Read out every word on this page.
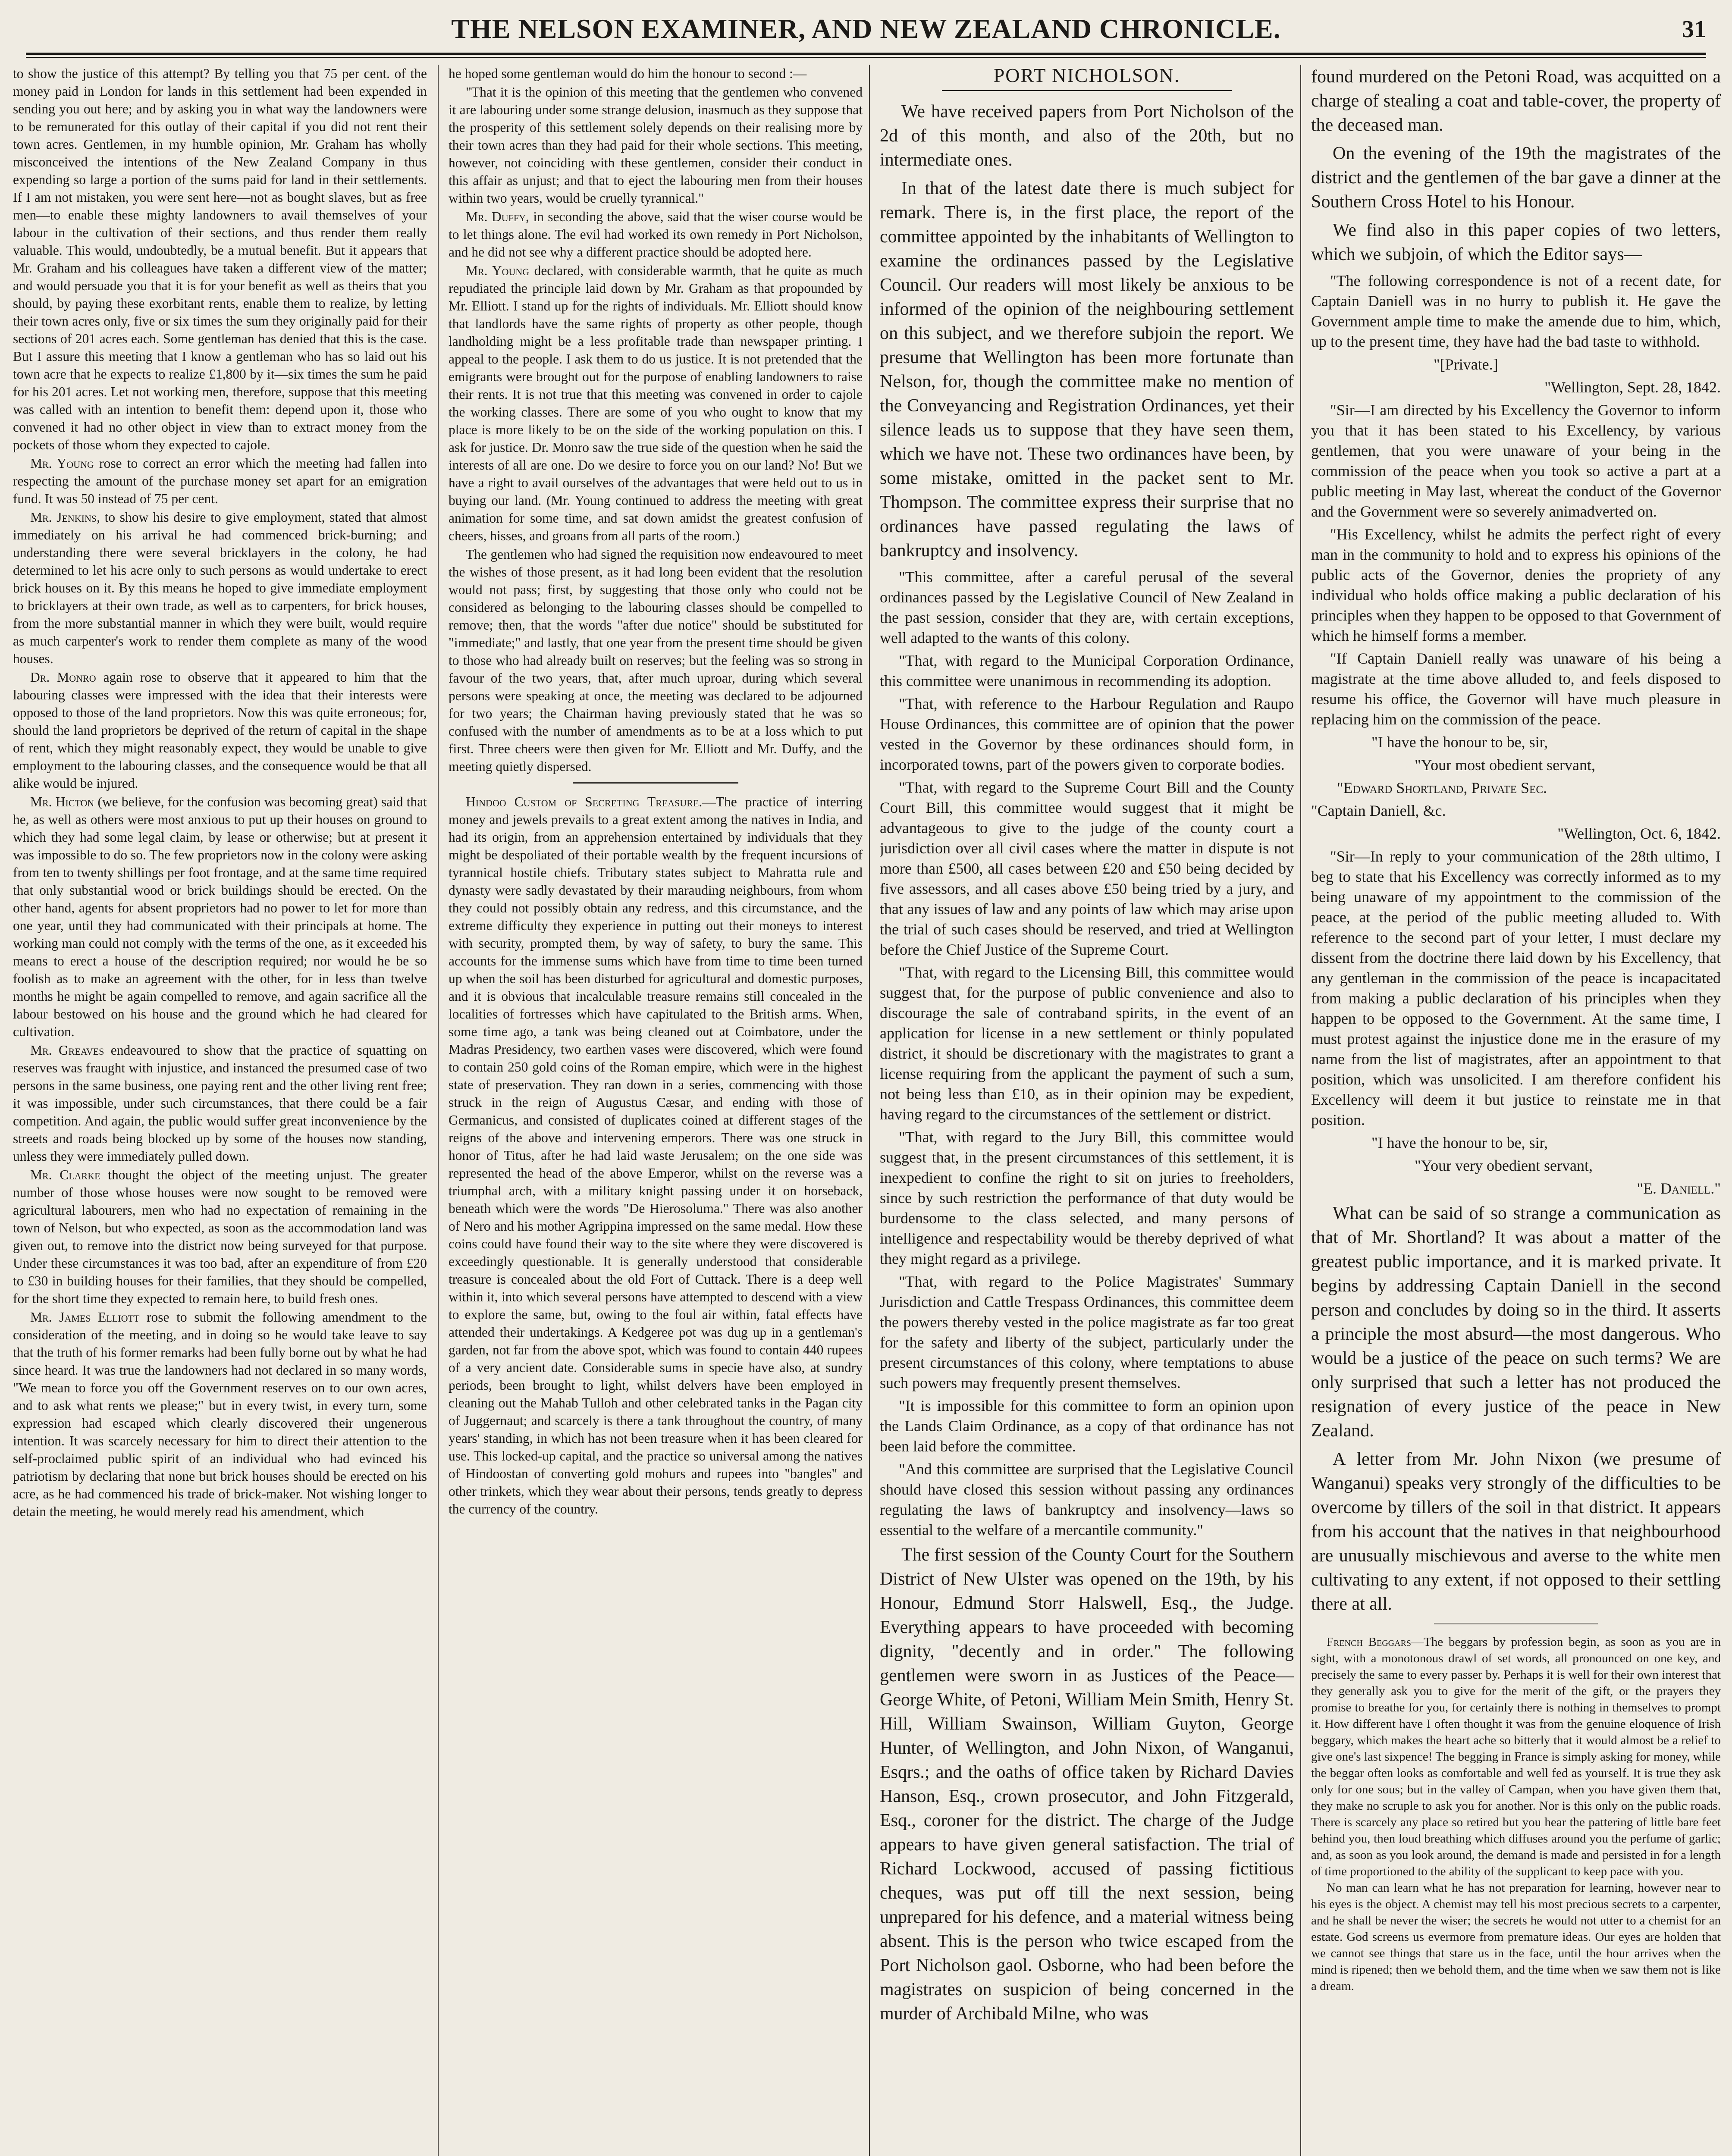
THE NELSON EXAMINER, AND NEW ZEALAND CHRONICLE.	31

to show the justice of this attempt? By telling you that 75 per cent. of the money paid in London for lands in this settlement had been expended in sending you out here; and by asking you in what way the landowners were to be remunerated for this outlay of their capital if you did not rent their town acres. Gentlemen, in my humble opinion, Mr. Graham has wholly misconceived the intentions of the New Zealand Company in thus expending so large a portion of the sums paid for land in their settlements. If I am not mistaken, you were sent here—not as bought slaves, but as free men—to enable these mighty landowners to avail themselves of your labour in the cultivation of their sections, and thus render them really valuable. This would, undoubtedly, be a mutual benefit. But it appears that Mr. Graham and his colleagues have taken a different view of the matter; and would persuade you that it is for your benefit as well as theirs that you should, by paying these exorbitant rents, enable them to realize, by letting their town acres only, five or six times the sum they originally paid for their sections of 201 acres each. Some gentleman has denied that this is the case. But I assure this meeting that I know a gentleman who has so laid out his town acre that he expects to realize £1,800 by it—six times the sum he paid for his 201 acres. Let not working men, therefore, suppose that this meeting was called with an intention to benefit them: depend upon it, those who convened it had no other object in view than to extract money from the pockets of those whom they expected to cajole.

Mr. Young rose to correct an error which the meeting had fallen into respecting the amount of the purchase money set apart for an emigration fund. It was 50 instead of 75 per cent.

Mr. Jenkins, to show his desire to give employment, stated that almost immediately on his arrival he had commenced brick-burning; and understanding there were several bricklayers in the colony, he had determined to let his acre only to such persons as would undertake to erect brick houses on it. By this means he hoped to give immediate employment to bricklayers at their own trade, as well as to carpenters, for brick houses, from the more substantial manner in which they were built, would require as much carpenter's work to render them complete as many of the wood houses.

Dr. Monro again rose to observe that it appeared to him that the labouring classes were impressed with the idea that their interests were opposed to those of the land proprietors. Now this was quite erroneous; for, should the land proprietors be deprived of the return of capital in the shape of rent, which they might reasonably expect, they would be unable to give employment to the labouring classes, and the consequence would be that all alike would be injured.

Mr. Hicton (we believe, for the confusion was becoming great) said that he, as well as others were most anxious to put up their houses on ground to which they had some legal claim, by lease or otherwise; but at present it was impossible to do so. The few proprietors now in the colony were asking from ten to twenty shillings per foot frontage, and at the same time required that only substantial wood or brick buildings should be erected. On the other hand, agents for absent proprietors had no power to let for more than one year, until they had communicated with their principals at home. The working man could not comply with the terms of the one, as it exceeded his means to erect a house of the description required; nor would he be so foolish as to make an agreement with the other, for in less than twelve months he might be again compelled to remove, and again sacrifice all the labour bestowed on his house and the ground which he had cleared for cultivation.

Mr. Greaves endeavoured to show that the practice of squatting on reserves was fraught with injustice, and instanced the presumed case of two persons in the same business, one paying rent and the other living rent free; it was impossible, under such circumstances, that there could be a fair competition. And again, the public would suffer great inconvenience by the streets and roads being blocked up by some of the houses now standing, unless they were immediately pulled down.

Mr. Clarke thought the object of the meeting unjust. The greater number of those whose houses were now sought to be removed were agricultural labourers, men who had no expectation of remaining in the town of Nelson, but who expected, as soon as the accommodation land was given out, to remove into the district now being surveyed for that purpose. Under these circumstances it was too bad, after an expenditure of from £20 to £30 in building houses for their families, that they should be compelled, for the short time they expected to remain here, to build fresh ones.

Mr. James Elliott rose to submit the following amendment to the consideration of the meeting, and in doing so he would take leave to say that the truth of his former remarks had been fully borne out by what he had since heard. It was true the landowners had not declared in so many words, "We mean to force you off the Government reserves on to our own acres, and to ask what rents we please;" but in every twist, in every turn, some expression had escaped which clearly discovered their ungenerous intention. It was scarcely necessary for him to direct their attention to the self-proclaimed public spirit of an individual who had evinced his patriotism by declaring that none but brick houses should be erected on his acre, as he had commenced his trade of brick-maker. Not wishing longer to detain the meeting, he would merely read his amendment, which

he hoped some gentleman would do him the honour to second :—

"That it is the opinion of this meeting that the gentlemen who convened it are labouring under some strange delusion, inasmuch as they suppose that the prosperity of this settlement solely depends on their realising more by their town acres than they had paid for their whole sections. This meeting, however, not coinciding with these gentlemen, consider their conduct in this affair as unjust; and that to eject the labouring men from their houses within two years, would be cruelly tyrannical."

Mr. Duffy, in seconding the above, said that the wiser course would be to let things alone. The evil had worked its own remedy in Port Nicholson, and he did not see why a different practice should be adopted here.

Mr. Young declared, with considerable warmth, that he quite as much repudiated the principle laid down by Mr. Graham as that propounded by Mr. Elliott. I stand up for the rights of individuals. Mr. Elliott should know that landlords have the same rights of property as other people, though landholding might be a less profitable trade than newspaper printing. I appeal to the people. I ask them to do us justice. It is not pretended that the emigrants were brought out for the purpose of enabling landowners to raise their rents. It is not true that this meeting was convened in order to cajole the working classes. There are some of you who ought to know that my place is more likely to be on the side of the working population on this. I ask for justice. Dr. Monro saw the true side of the question when he said the interests of all are one. Do we desire to force you on our land? No! But we have a right to avail ourselves of the advantages that were held out to us in buying our land. (Mr. Young continued to address the meeting with great animation for some time, and sat down amidst the greatest confusion of cheers, hisses, and groans from all parts of the room.)

The gentlemen who had signed the requisition now endeavoured to meet the wishes of those present, as it had long been evident that the resolution would not pass; first, by suggesting that those only who could not be considered as belonging to the labouring classes should be compelled to remove; then, that the words "after due notice" should be substituted for "immediate;" and lastly, that one year from the present time should be given to those who had already built on reserves; but the feeling was so strong in favour of the two years, that, after much uproar, during which several persons were speaking at once, the meeting was declared to be adjourned for two years; the Chairman having previously stated that he was so confused with the number of amendments as to be at a loss which to put first. Three cheers were then given for Mr. Elliott and Mr. Duffy, and the meeting quietly dispersed.

Hindoo Custom of Secreting Treasure.—The practice of interring money and jewels prevails to a great extent among the natives in India, and had its origin, from an apprehension entertained by individuals that they might be despoliated of their portable wealth by the frequent incursions of tyrannical hostile chiefs. Tributary states subject to Mahratta rule and dynasty were sadly devastated by their marauding neighbours, from whom they could not possibly obtain any redress, and this circumstance, and the extreme difficulty they experience in putting out their moneys to interest with security, prompted them, by way of safety, to bury the same. This accounts for the immense sums which have from time to time been turned up when the soil has been disturbed for agricultural and domestic purposes, and it is obvious that incalculable treasure remains still concealed in the localities of fortresses which have capitulated to the British arms. When, some time ago, a tank was being cleaned out at Coimbatore, under the Madras Presidency, two earthen vases were discovered, which were found to contain 250 gold coins of the Roman empire, which were in the highest state of preservation. They ran down in a series, commencing with those struck in the reign of Augustus Cæsar, and ending with those of Germanicus, and consisted of duplicates coined at different stages of the reigns of the above and intervening emperors. There was one struck in honor of Titus, after he had laid waste Jerusalem; on the one side was represented the head of the above Emperor, whilst on the reverse was a triumphal arch, with a military knight passing under it on horseback, beneath which were the words "De Hierosoluma." There was also another of Nero and his mother Agrippina impressed on the same medal. How these coins could have found their way to the site where they were discovered is exceedingly questionable. It is generally understood that considerable treasure is concealed about the old Fort of Cuttack. There is a deep well within it, into which several persons have attempted to descend with a view to explore the same, but, owing to the foul air within, fatal effects have attended their undertakings. A Kedgeree pot was dug up in a gentleman's garden, not far from the above spot, which was found to contain 440 rupees of a very ancient date. Considerable sums in specie have also, at sundry periods, been brought to light, whilst delvers have been employed in cleaning out the Mahab Tulloh and other celebrated tanks in the Pagan city of Juggernaut; and scarcely is there a tank throughout the country, of many years' standing, in which has not been treasure when it has been cleared for use. This locked-up capital, and the practice so universal among the natives of Hindoostan of converting gold mohurs and rupees into "bangles" and other trinkets, which they wear about their persons, tends greatly to depress the currency of the country.

PORT NICHOLSON.

We have received papers from Port Nicholson of the 2d of this month, and also of the 20th, but no intermediate ones.

In that of the latest date there is much subject for remark. There is, in the first place, the report of the committee appointed by the inhabitants of Wellington to examine the ordinances passed by the Legislative Council. Our readers will most likely be anxious to be informed of the opinion of the neighbouring settlement on this subject, and we therefore subjoin the report. We presume that Wellington has been more fortunate than Nelson, for, though the committee make no mention of the Conveyancing and Registration Ordinances, yet their silence leads us to suppose that they have seen them, which we have not. These two ordinances have been, by some mistake, omitted in the packet sent to Mr. Thompson. The committee express their surprise that no ordinances have passed regulating the laws of bankruptcy and insolvency.

"This committee, after a careful perusal of the several ordinances passed by the Legislative Council of New Zealand in the past session, consider that they are, with certain exceptions, well adapted to the wants of this colony.

"That, with regard to the Municipal Corporation Ordinance, this committee were unanimous in recommending its adoption.

"That, with reference to the Harbour Regulation and Raupo House Ordinances, this committee are of opinion that the power vested in the Governor by these ordinances should form, in incorporated towns, part of the powers given to corporate bodies.

"That, with regard to the Supreme Court Bill and the County Court Bill, this committee would suggest that it might be advantageous to give to the judge of the county court a jurisdiction over all civil cases where the matter in dispute is not more than £500, all cases between £20 and £50 being decided by five assessors, and all cases above £50 being tried by a jury, and that any issues of law and any points of law which may arise upon the trial of such cases should be reserved, and tried at Wellington before the Chief Justice of the Supreme Court.

"That, with regard to the Licensing Bill, this committee would suggest that, for the purpose of public convenience and also to discourage the sale of contraband spirits, in the event of an application for license in a new settlement or thinly populated district, it should be discretionary with the magistrates to grant a license requiring from the applicant the payment of such a sum, not being less than £10, as in their opinion may be expedient, having regard to the circumstances of the settlement or district.

"That, with regard to the Jury Bill, this committee would suggest that, in the present circumstances of this settlement, it is inexpedient to confine the right to sit on juries to freeholders, since by such restriction the performance of that duty would be burdensome to the class selected, and many persons of intelligence and respectability would be thereby deprived of what they might regard as a privilege.

"That, with regard to the Police Magistrates' Summary Jurisdiction and Cattle Trespass Ordinances, this committee deem the powers thereby vested in the police magistrate as far too great for the safety and liberty of the subject, particularly under the present circumstances of this colony, where temptations to abuse such powers may frequently present themselves.

"It is impossible for this committee to form an opinion upon the Lands Claim Ordinance, as a copy of that ordinance has not been laid before the committee.

"And this committee are surprised that the Legislative Council should have closed this session without passing any ordinances regulating the laws of bankruptcy and insolvency—laws so essential to the welfare of a mercantile community."

The first session of the County Court for the Southern District of New Ulster was opened on the 19th, by his Honour, Edmund Storr Halswell, Esq., the Judge. Everything appears to have proceeded with becoming dignity, "decently and in order." The following gentlemen were sworn in as Justices of the Peace—George White, of Petoni, William Mein Smith, Henry St. Hill, William Swainson, William Guyton, George Hunter, of Wellington, and John Nixon, of Wanganui, Esqrs.; and the oaths of office taken by Richard Davies Hanson, Esq., crown prosecutor, and John Fitzgerald, Esq., coroner for the district. The charge of the Judge appears to have given general satisfaction. The trial of Richard Lockwood, accused of passing fictitious cheques, was put off till the next session, being unprepared for his defence, and a material witness being absent. This is the person who twice escaped from the Port Nicholson gaol. Osborne, who had been before the magistrates on suspicion of being concerned in the murder of Archibald Milne, who was

found murdered on the Petoni Road, was acquitted on a charge of stealing a coat and table-cover, the property of the deceased man.

On the evening of the 19th the magistrates of the district and the gentlemen of the bar gave a dinner at the Southern Cross Hotel to his Honour.

We find also in this paper copies of two letters, which we subjoin, of which the Editor says—

"The following correspondence is not of a recent date, for Captain Daniell was in no hurry to publish it. He gave the Government ample time to make the amende due to him, which, up to the present time, they have had the bad taste to withhold.

"[Private.]

"Wellington, Sept. 28, 1842.

"Sir—I am directed by his Excellency the Governor to inform you that it has been stated to his Excellency, by various gentlemen, that you were unaware of your being in the commission of the peace when you took so active a part at a public meeting in May last, whereat the conduct of the Governor and the Government were so severely animadverted on.

"His Excellency, whilst he admits the perfect right of every man in the community to hold and to express his opinions of the public acts of the Governor, denies the propriety of any individual who holds office making a public declaration of his principles when they happen to be opposed to that Government of which he himself forms a member.

"If Captain Daniell really was unaware of his being a magistrate at the time above alluded to, and feels disposed to resume his office, the Governor will have much pleasure in replacing him on the commission of the peace.

"I have the honour to be, sir,

"Your most obedient servant,

"Edward Shortland, Private Sec.

"Captain Daniell, &c.

"Wellington, Oct. 6, 1842.

"Sir—In reply to your communication of the 28th ultimo, I beg to state that his Excellency was correctly informed as to my being unaware of my appointment to the commission of the peace, at the period of the public meeting alluded to. With reference to the second part of your letter, I must declare my dissent from the doctrine there laid down by his Excellency, that any gentleman in the commission of the peace is incapacitated from making a public declaration of his principles when they happen to be opposed to the Government. At the same time, I must protest against the injustice done me in the erasure of my name from the list of magistrates, after an appointment to that position, which was unsolicited. I am therefore confident his Excellency will deem it but justice to reinstate me in that position.

"I have the honour to be, sir,

"Your very obedient servant,

"E. Daniell."

What can be said of so strange a communication as that of Mr. Shortland? It was about a matter of the greatest public importance, and it is marked private. It begins by addressing Captain Daniell in the second person and concludes by doing so in the third. It asserts a principle the most absurd—the most dangerous. Who would be a justice of the peace on such terms? We are only surprised that such a letter has not produced the resignation of every justice of the peace in New Zealand.

A letter from Mr. John Nixon (we presume of Wanganui) speaks very strongly of the difficulties to be overcome by tillers of the soil in that district. It appears from his account that the natives in that neighbourhood are unusually mischievous and averse to the white men cultivating to any extent, if not opposed to their settling there at all.

French Beggars—The beggars by profession begin, as soon as you are in sight, with a monotonous drawl of set words, all pronounced on one key, and precisely the same to every passer by. Perhaps it is well for their own interest that they generally ask you to give for the merit of the gift, or the prayers they promise to breathe for you, for certainly there is nothing in themselves to prompt it. How different have I often thought it was from the genuine eloquence of Irish beggary, which makes the heart ache so bitterly that it would almost be a relief to give one's last sixpence! The begging in France is simply asking for money, while the beggar often looks as comfortable and well fed as yourself. It is true they ask only for one sous; but in the valley of Campan, when you have given them that, they make no scruple to ask you for another. Nor is this only on the public roads. There is scarcely any place so retired but you hear the pattering of little bare feet behind you, then loud breathing which diffuses around you the perfume of garlic; and, as soon as you look around, the demand is made and persisted in for a length of time proportioned to the ability of the supplicant to keep pace with you.

No man can learn what he has not preparation for learning, however near to his eyes is the object. A chemist may tell his most precious secrets to a carpenter, and he shall be never the wiser; the secrets he would not utter to a chemist for an estate. God screens us evermore from premature ideas. Our eyes are holden that we cannot see things that stare us in the face, until the hour arrives when the mind is ripened; then we behold them, and the time when we saw them not is like a dream.
